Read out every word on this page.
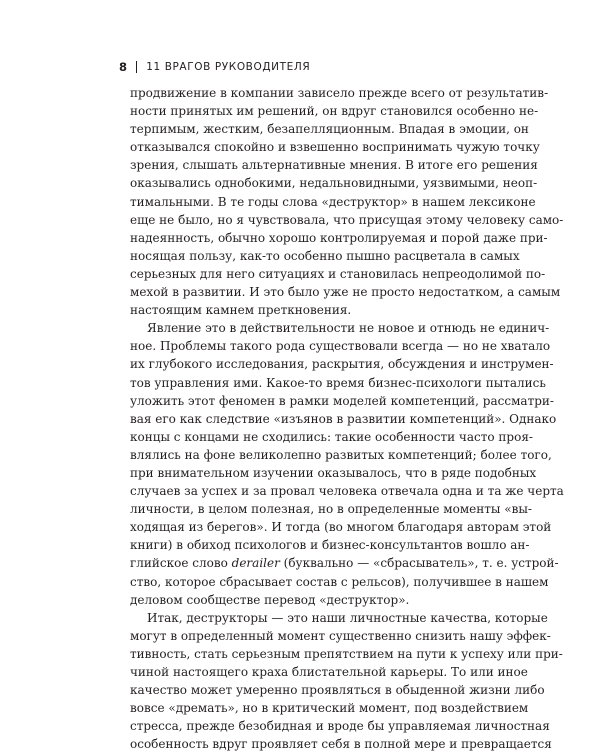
8	11 ВРАГОВ РУКОВОДИТЕЛЯ
продвижение в компании зависело прежде всего от результатив-
ности принятых им решений, он вдруг становился особенно не-
терпимым, жестким, безапелляционным. Впадая в эмоции, он
отказывался спокойно и взвешенно воспринимать чужую точку
зрения, слышать альтернативные мнения. В итоге его решения
оказывались однобокими, недальновидными, уязвимыми, неоп-
тимальными. В те годы слова «деструктор» в нашем лексиконе
еще не было, но я чувствовала, что присущая этому человеку само-
надеянность, обычно хорошо контролируемая и порой даже при-
носящая пользу, как-то особенно пышно расцветала в самых
серьезных для него ситуациях и становилась непреодолимой по-
мехой в развитии. И это было уже не просто недостатком, а самым
настоящим камнем преткновения.
Явление это в действительности не новое и отнюдь не единич-
ное. Проблемы такого рода существовали всегда — но не хватало
их глубокого исследования, раскрытия, обсуждения и инструмен-
тов управления ими. Какое-то время бизнес-психологи пытались
уложить этот феномен в рамки моделей компетенций, рассматри-
вая его как следствие «изъянов в развитии компетенций». Однако
концы с концами не сходились: такие особенности часто проя-
влялись на фоне великолепно развитых компетенций; более того,
при внимательном изучении оказывалось, что в ряде подобных
случаев за успех и за провал человека отвечала одна и та же черта
личности, в целом полезная, но в определенные моменты «вы-
ходящая из берегов». И тогда (во многом благодаря авторам этой
книги) в обиход психологов и бизнес-консультантов вошло ан-
глийское слово derailer (буквально — «сбрасыватель», т. е. устрой-
ство, которое сбрасывает состав с рельсов), получившее в нашем
деловом сообществе перевод «деструктор».
Итак, деструкторы — это наши личностные качества, которые
могут в определенный момент существенно снизить нашу эффек-
тивность, стать серьезным препятствием на пути к успеху или при-
чиной настоящего краха блистательной карьеры. То или иное
качество может умеренно проявляться в обыденной жизни либо
вовсе «дремать», но в критический момент, под воздействием
стресса, прежде безобидная и вроде бы управляемая личностная
особенность вдруг проявляет себя в полной мере и превращается
